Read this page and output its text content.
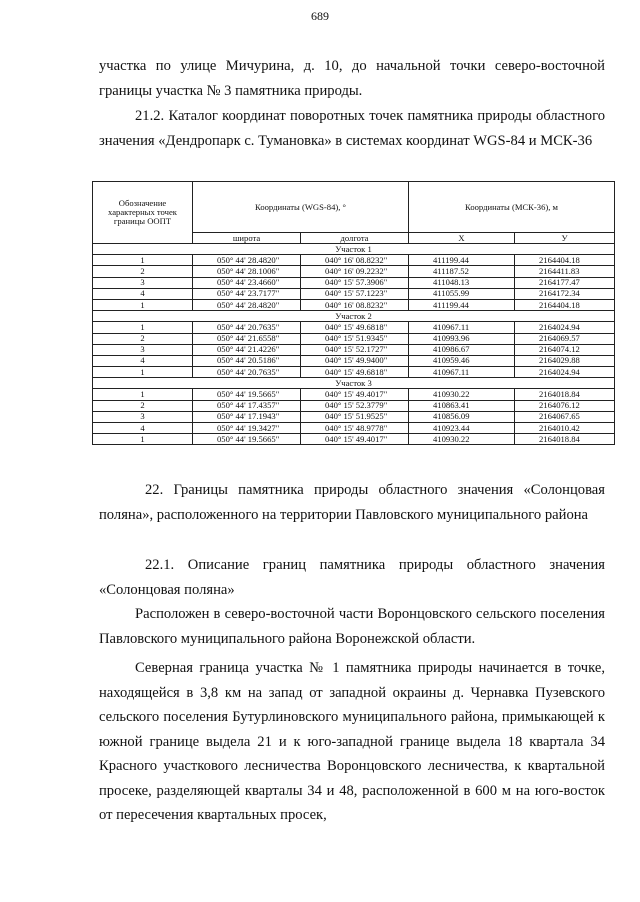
689

участка по улице Мичурина, д. 10, до начальной точки северо-восточной границы участка № 3 памятника природы.

21.2. Каталог координат поворотных точек памятника природы областного значения «Дендропарк с. Тумановка» в системах координат WGS-84 и МСК-36

Обозначение характерных точек границы ООПТ	Координаты (WGS-84), °		Координаты (МСК-36), м	
	широта	долгота	X	У
Участок 1				
1	050° 44' 28.4820"	040° 16' 08.8232"	411199.44	2164404.18
2	050° 44' 28.1006"	040° 16' 09.2232"	411187.52	2164411.83
3	050° 44' 23.4660"	040° 15' 57.3906"	411048.13	2164177.47
4	050° 44' 23.7177"	040° 15' 57.1223"	411055.99	2164172.34
1	050° 44' 28.4820"	040° 16' 08.8232"	411199.44	2164404.18
Участок 2				
1	050° 44' 20.7635"	040° 15' 49.6818"	410967.11	2164024.94
2	050° 44' 21.6558"	040° 15' 51.9345"	410993.96	2164069.57
3	050° 44' 21.4226"	040° 15' 52.1727"	410986.67	2164074.12
4	050° 44' 20.5186"	040° 15' 49.9400"	410959.46	2164029.88
1	050° 44' 20.7635"	040° 15' 49.6818"	410967.11	2164024.94
Участок 3				
1	050° 44' 19.5665"	040° 15' 49.4017"	410930.22	2164018.84
2	050° 44' 17.4357"	040° 15' 52.3779"	410863.41	2164076.12
3	050° 44' 17.1943"	040° 15' 51.9525"	410856.09	2164067.65
4	050° 44' 19.3427"	040° 15' 48.9778"	410923.44	2164010.42
1	050° 44' 19.5665"	040° 15' 49.4017"	410930.22	2164018.84

22. Границы памятника природы областного значения «Солонцовая поляна», расположенного на территории Павловского муниципального района

22.1. Описание границ памятника природы областного значения «Солонцовая поляна»

Расположен в северо-восточной части Воронцовского сельского поселения Павловского муниципального района Воронежской области.

Северная граница участка № 1 памятника природы начинается в точке, находящейся в 3,8 км на запад от западной окраины д. Чернавка Пузевского сельского поселения Бутурлиновского муниципального района, примыкающей к южной границе выдела 21 и к юго-западной границе выдела 18 квартала 34 Красного участкового лесничества Воронцовского лесничества, к квартальной просеке, разделяющей кварталы 34 и 48, расположенной в 600 м на юго-восток от пересечения квартальных просек,
